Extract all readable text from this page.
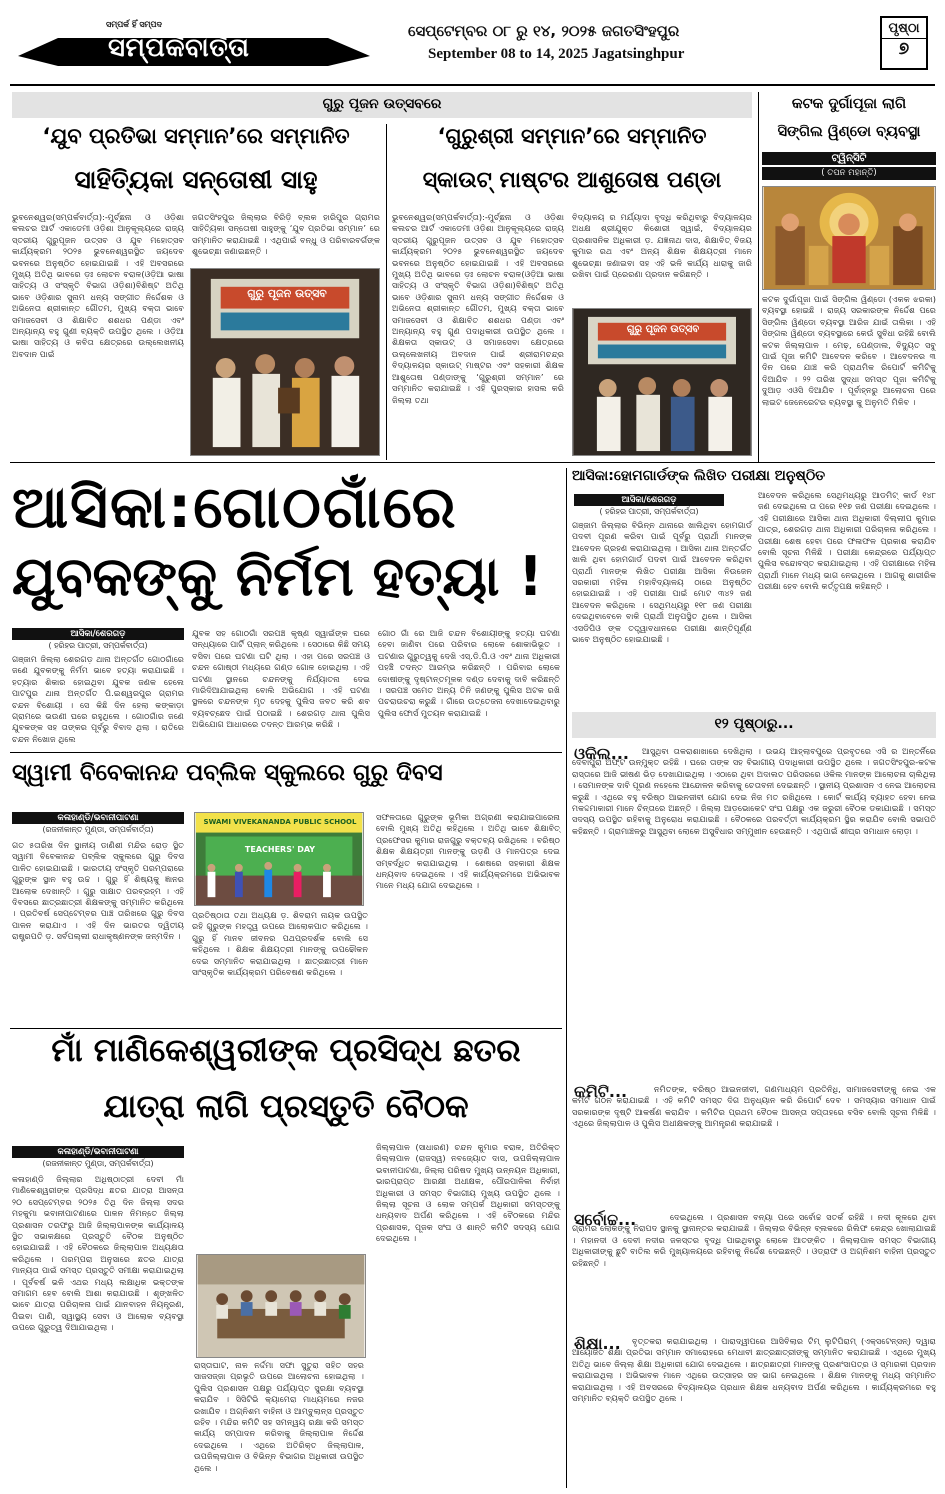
ସମ୍ପର୍କ ହିଁ ସମ୍ପଦ
ସମ୍ପର୍କବାର୍ତ୍ତା
ସେପ୍ଟେମ୍ବର ୦୮ ରୁ ୧୪, ୨୦୨୫ ଜଗତସିଂହପୁର
September 08 to 14, 2025 Jagatsinghpur
ପୃଷ୍ଠା
୭
ଗୁରୁ ପୂଜନ ଉତ୍ସବରେ
‘ଯୁବ ପ୍ରତିଭା ସମ୍ମାନ’ରେ ସମ୍ମାନିତ
ସାହିତ୍ୟିକା ସନ୍ତୋଷୀ ସାହୁ
ଭୁବନେଶ୍ୱର(ସମ୍ପର୍କବାର୍ତ୍ତା):-ମୁର୍ଚ୍ଛନା ଓ ଓଡ଼ିଶା କଲଚର ଆର୍ଟ ଏକାଡେମୀ ଓଡ଼ିଶା ଆନୁକୂଲ୍ୟରେ ରାଜ୍ୟ ସ୍ତରୀୟ ଗୁରୁପୂଜନ ଉତ୍ସବ ଓ ଯୁବ ମହୋତ୍ସବ କାର୍ଯ୍ୟକ୍ରମ ୨୦୨୫ ଭୁବନେଶ୍ୱରସ୍ଥିତ ଜୟଦେବ ଭବନରେ ଅନୁଷ୍ଠିତ ହୋଇଯାଇଛି । ଏହି ଅବସରରେ ମୁଖ୍ୟ ଅତିଥି ଭାବରେ ଡ଼ଃ ଲୋଚନ ବରାଳ(ଓଡ଼ିଆ ଭାଷା ସାହିତ୍ୟ ଓ ସଂସ୍କୃତି ବିଭାଗ ଓଡ଼ିଶା)ବିଶିଷ୍ଟ ଅତିଥି ଭାବେ ଓଡ଼ିଶାର ସୁନାମ ଧନ୍ୟ ସଙ୍ଗୀତ ନିର୍ଦ୍ଦେଶକ ଓ ଅଭିନେତା ଶ୍ରୀକାନ୍ତ ଗୌତମ, ମୁଖ୍ୟ ବକ୍ତା ଭାବେ ସମାଜସେବୀ ଓ ଶିକ୍ଷାବିତ ଶଶଧର ପଣ୍ଡା ଏବଂ ଅନ୍ୟାନ୍ୟ ବହୁ ଗୁଣୀ ବ୍ୟକ୍ତି ଉପସ୍ଥିତ ଥିଲେ । ଓଡ଼ିଆ ଭାଷା ସାହିତ୍ୟ ଓ କବିତା କ୍ଷେତ୍ରରେ ଉଲ୍ଲେଖନୀୟ ଅବଦାନ ପାଇଁ
ଜଗତସିଂହପୁର ଜିଲ୍ଲାର ବିରିଡ଼ି ବ୍ଲକ ହାରିପୁର ଗ୍ରାମର ସାହିତ୍ୟିକା ସନ୍ତୋଷୀ ସାହୁଙ୍କୁ ‘ଯୁବ ପ୍ରତିଭା ସମ୍ମାନ’ ରେ ସମ୍ମାନିତ କରାଯାଇଛି । ଏଥିପାଇଁ ବନ୍ଧୁ ଓ ପରିବାରବର୍ଗଙ୍କ ଶୁଭେଚ୍ଛା ଜଣାଇଛନ୍ତି ।
ଗୁରୁ ପୂଜନ ଉତ୍ସବ
‘ଗୁରୁଶ୍ରୀ ସମ୍ମାନ’ରେ ସମ୍ମାନିତ
ସ୍କାଉଟ୍ ମାଷ୍ଟର ଆଶୁତୋଷ ପଣ୍ଡା
ଭୁବନେଶ୍ୱର(ସମ୍ପର୍କବାର୍ତ୍ତା):-ମୁର୍ଚ୍ଛନା ଓ ଓଡ଼ିଶା କଲଚର ଆର୍ଟ ଏକାଡେମୀ ଓଡ଼ିଶା ଆନୁକୂଲ୍ୟରେ ରାଜ୍ୟ ସ୍ତରୀୟ ଗୁରୁପୂଜନ ଉତ୍ସବ ଓ ଯୁବ ମହୋତ୍ସବ କାର୍ଯ୍ୟକ୍ରମ ୨୦୨୫ ଭୁବନେଶ୍ୱରସ୍ଥିତ ଜୟଦେବ ଭବନରେ ଅନୁଷ୍ଠିତ ହୋଇଯାଇଛି । ଏହି ଅବସରରେ ମୁଖ୍ୟ ଅତିଥି ଭାବରେ ଡ଼ଃ ଲୋଚନ ବରାଳ(ଓଡ଼ିଆ ଭାଷା ସାହିତ୍ୟ ଓ ସଂସ୍କୃତି ବିଭାଗ ଓଡ଼ିଶା)ବିଶିଷ୍ଟ ଅତିଥି ଭାବେ ଓଡ଼ିଶାର ସୁନାମ ଧନ୍ୟ ସଙ୍ଗୀତ ନିର୍ଦ୍ଦେଶକ ଓ ଅଭିନେତା ଶ୍ରୀକାନ୍ତ ଗୌତମ, ମୁଖ୍ୟ ବକ୍ତା ଭାବେ ସମାଜସେବୀ ଓ ଶିକ୍ଷାବିତ ଶଶଧର ପଣ୍ଡା ଏବଂ ଅନ୍ୟାନ୍ୟ ବହୁ ଗୁଣ ପଦାଧିକାରୀ ଉପସ୍ଥିତ ଥିଲେ । ଶିକ୍ଷକତା ସ୍କାଉଟ୍ ଓ ସମାଜସେବା କ୍ଷେତ୍ରରେ ଉଲ୍ଲେଖନୀୟ ଅବଦାନ ପାଇଁ ଶ୍ରୀରାମଚନ୍ଦ୍ର ବିଦ୍ୟାଳୟର ସ୍କାଉଟ୍ ମାଷ୍ଟର ଏବଂ ସହକାରୀ ଶିକ୍ଷକ ଆଶୁତୋଷ ପଣ୍ଡାଙ୍କୁ ‘ଗୁରୁଶ୍ରୀ ସମ୍ମାନ’ ରେ ସମ୍ମାନିତ କରାଯାଇଛି । ଏହି ପୁରସ୍କାର ହାସଲ କରି ଜିଲ୍ଲା ତଥା
ବିଦ୍ୟାଳୟ ର ମର୍ଯ୍ୟାଦା ବୃଦ୍ଧି କରିଥିବାରୁ ବିଦ୍ୟାଳୟର ଅଧକ୍ଷ ଶ୍ରୀଯୁକ୍ତ କିଶୋରୀ ସ୍ୱାଇଁ, ବିଦ୍ୟାଳୟର ପ୍ରଶାସନିକ ଅଧିକାରୀ ଡ଼. ଯଜ୍ଞନାଥ ଦାସ, ଶିକ୍ଷାବିତ୍ ବିଜୟ କୁମାର ରଥ ଏବଂ ଅନ୍ୟ ଶିକ୍ଷକ ଶିକ୍ଷୟତ୍ରୀ ମାନେ ଶୁଭେଚ୍ଛା ଜଣାଇବା ସହ ଏହି ଭଳି କାର୍ଯ୍ୟ ଧାରାକୁ ଜାରି ରଖିବା ପାଇଁ ପ୍ରେରଣା ପ୍ରଦାନ କରିଛନ୍ତି ।
ଗୁରୁ ପୂଜନ ଉତ୍ସବ
କଟକ ଦୁର୍ଗାପୂଜା ଲାଗି
ସିଙ୍ଗିଲ ୱିଣ୍ଡୋ ବ୍ୟବସ୍ଥା
ଟ୍ୱିନ୍‌ସିଟି
( ତପନ ମହାନ୍ତି)
କଟକ ଦୁର୍ଗାପୂଜା ପାଇଁ ସିଙ୍ଗିଲ ୱିଣ୍ଡୋ (ଏକକ ଝରକା) ବ୍ୟବସ୍ଥା ହୋଇଛି । ରାଜ୍ୟ ସରକାରଙ୍କ ନିର୍ଦ୍ଦେଶ ପରେ ସିଙ୍ଗିଲ ୱିଣ୍ଡୋ ବ୍ୟବସ୍ଥା ଆରିଜ ଯାଇଁ ତାଲିକା । ଏହି ସିଙ୍ଗଲ ୱିଣ୍ଡୋ ବ୍ୟବସ୍ଥାରେ କେଉଁ ସୁବିଧା ରହିଛି ବୋଲି କଟକ ଜିଲ୍ଲାପାଳ । ମେଢ଼, ପେଣ୍ଡାଲ, ବିଦ୍ୟୁତ ସବୁ ପାଇଁ ପୂଜା କମିଟି ଆବେଦନ କରିବେ । ଆବେଦନର ୩ ଦିନ ପରେ ଯାଞ୍ଚ କରି ପ୍ରାଥମିକ ରିପୋର୍ଟ କମିଟିକୁ ଦିଆଯିବ । ୨୨ ତାରିଖ ସୁଦ୍ଧା ସମସ୍ତ ପୂଜା କମିଟିକୁ ଦୁଆଡ଼ ଏଓସି ଦିଆଯିବ । ପୂର୍ବାହ୍ନରୁ ଆଲୋଚନା ପରେ ଲାଇଟ ଜେନେରେଟର ବ୍ୟବସ୍ଥା କୁ ଅନୁମତି ମିଳିବ ।
ଆସିକା:ଗୋଠଗାଁରେ
ଯୁବକଙ୍କୁ ନିର୍ମମ ହତ୍ୟା !
ଆସିକା/ଶେରଗଡ଼
( ହରିହର ପାତ୍ରୀ, ସମ୍ପର୍କବାର୍ତ୍ତା)
ଗଞ୍ଜାମ ଜିଲ୍ଲା ଶେରଗଡ଼ ଥାନା ଅନ୍ତର୍ଗତ ଗୋଠଗାଁରେ ଜଣେ ଯୁବକଙ୍କୁ ନିର୍ମମ ଭାବେ ହତ୍ୟା କରାଯାଇଛି । ହତ୍ୟାର ଶିକାର ହୋଇଥିବା ଯୁବକ ଜଣକ ହେଲେ ପାଟପୁର ଥାନା ଅନ୍ତର୍ଗତ ପି.ଇଶ୍ୱରପୁର ଗ୍ରାମର ଚନ୍ଦନ ବିଶୋୟୀ । ସେ କିଛି ଦିନ ହେଲା କଙ୍କାଡ଼ା ଗ୍ରାମରେ ଭଉଣୀ ଘରେ ରହୁଥିଲେ । ଗୋଠଗାଁର ଜଣେ ଯୁବକଙ୍କ ସହ ତାଙ୍କର ପୂର୍ବରୁ ବିବାଦ ଥିଲା । ରାତିରେ ଚନ୍ଦନ ନିଖୋଜ ଥିଲେ
ଯୁବକ ସହ ଗୋଠଗାଁ ସରପଞ୍ଚ କୃଷ୍ଣ ସ୍ୱାଇଁଙ୍କ ଘରେ ସନ୍ଧ୍ୟାରେ ପାର୍ଟି ପ୍ଲାନ୍ କରିଥିଲେ । ସେଠାରେ କିଛି ସମୟ ବସିବା ପରେ ଘଟଣା ଘଟି ଥିଲା । ଏହା ପରେ ସରପଞ୍ଚ ଓ ଚନ୍ଦନ ଗୋଷ୍ଠୀ ମଧ୍ୟରେ ଗଣ୍ଡ ଗୋଳ ହୋଇଥିଲା । ଏହି ଘଟଣା ସ୍ଥାନରେ ଚନ୍ଦନଙ୍କୁ ନିର୍ଯ୍ୟାତନା ଦେଇ ମାରିଦିଆଯାଇଥିଲା ବୋଲି ଅଭିଯୋଗ । ଏହି ଘଟଣା ସ୍ଥଳରେ ଚନ୍ଦନଙ୍କ ମୃତ ଦେହକୁ ପୁଲିସ ଜବତ କରି ଶବ ବ୍ୟବଚ୍ଛେଦ ପାଇଁ ପଠାଇଛି । ଶେରଗଡ଼ ଥାନା ପୁଲିସ ଅଭିଯୋଗ ଆଧାରରେ ତଦନ୍ତ ଆରମ୍ଭ କରିଛି ।
ଗୋଠ ଗାଁ ରେ ଆଜି ଚନ୍ଦନ ବିଶୋୟୀଙ୍କୁ ହତ୍ୟା ଘଟଣା ହେବା ଜାଣିବା ପରେ ପରିବାର ଲୋକେ ଶୋକାଭିଭୂତ । ଘଟଣାର ଗୁରୁତ୍ୱକୁ ଦେଖି ଏସ୍.ଡି.ପି.ଓ ଏବଂ ଥାନା ଅଧିକାରୀ ପହଞ୍ଚି ତଦନ୍ତ ଆରମ୍ଭ କରିଛନ୍ତି । ପରିବାର ଲୋକେ ଦୋଷୀଙ୍କୁ ଦୃଷ୍ଟାନ୍ତମୂଳକ ଦଣ୍ଡ ଦେବାକୁ ଦାବି କରିଛନ୍ତି । ସରପଞ୍ଚ ସମେତ ଅନ୍ୟ ତିନି ଜଣଙ୍କୁ ପୁଲିସ ଅଟକ ରଖି ପଚରାଉଚରା କରୁଛି । ଗାଁରେ ଉତ୍ତେଜନା ଦେଖାଦେଇଥିବାରୁ ପୁଲିସ ଫୋର୍ସ ମୁତୟନ କରାଯାଇଛି ।
ଆସିକା:ହୋମଗାର୍ଡଙ୍କ ଲିଖିତ ପରୀକ୍ଷା ଅନୁଷ୍ଠିତ
ଆସିକା/ଶେରଗଡ଼
( ହରିହର ପାତ୍ରୀ, ସମ୍ପର୍କବାର୍ତ୍ତା)
ଗଞ୍ଜାମ ଜିଲ୍ଲାର ବିଭିନ୍ନ ଥାନାରେ ଖାଲିଥିବା ହୋମଗାର୍ଡ ପଦବୀ ପୂରଣ କରିବା ପାଇଁ ପୂର୍ବରୁ ପ୍ରାର୍ଥୀ ମାନଙ୍କ ଆବେଦନ ଗ୍ରହଣ କରାଯାଇଥିଲା । ଆସିକା ଥାନା ଅନ୍ତର୍ଗତ ଖାଲି ଥିବା ହୋମଗାର୍ଡ ପଦବୀ ପାଇଁ ଆବେଦନ କରିଥିବା ପ୍ରାର୍ଥୀ ମାନଙ୍କ ଲିଖିତ ପରୀକ୍ଷା ଆସିକା ନିଉଜେନ ସରକାରୀ ମହିଳା ମହାବିଦ୍ୟାଳୟ ଠାରେ ଅନୁଷ୍ଠିତ ହୋଇଯାଇଛି । ଏହି ପରୀକ୍ଷା ପାଇଁ ମୋଟ ୩୪୨ ଜଣ ଆବେଦନ କରିଥିଲେ । ସେଥିମଧ୍ୟରୁ ୧୧୮ ଜଣ ପରୀକ୍ଷା ଦେଇଥିବାବେଳେ ବାକି ପ୍ରାର୍ଥୀ ଅନୁପସ୍ଥିତ ଥିଲେ । ଆସିକା ଏସଡିପିଓ ଙ୍କ ତତ୍ତ୍ୱାବଧାନରେ ପରୀକ୍ଷା ଶାନ୍ତିପୂର୍ଣ୍ଣ ଭାବେ ଅନୁଷ୍ଠିତ ହୋଇଯାଇଛି ।
ଆବେଦନ କରିଥିଲେ ସେଥିମଧ୍ୟରୁ ଆଡମିଟ୍ କାର୍ଡ ୧୪୮ ଜଣ ଦେଇଥିଲେ ତା ପରେ ୧୧୭ ଜଣ ପରୀକ୍ଷା ଦେଇଥିଲେ । ଏହି ପରୀକ୍ଷାରେ ଆସିକା ଥାନା ଅଧିକାରୀ ଦିଲ୍ଲୀପ କୁମାର ପାତ୍ର, ଶେରଗଡ଼ ଥାନା ଅଧିକାରୀ ପରିଚାଳନା କରିଥିଲେ । ପରୀକ୍ଷା ଶେଷ ହେବା ପରେ ଫଳାଫଳ ପ୍ରକାଶ କରାଯିବ ବୋଲି ସୂଚନା ମିଳିଛି । ପରୀକ୍ଷା କେନ୍ଦ୍ରରେ ପର୍ଯ୍ୟାପ୍ତ ପୁଲିସ ବନ୍ଦୋବସ୍ତ କରାଯାଇଥିଲା । ଏହି ପରୀକ୍ଷାରେ ମହିଳା ପ୍ରାର୍ଥୀ ମାନେ ମଧ୍ୟ ଭାଗ ନେଇଥିଲେ । ଆଗକୁ ଶାରୀରିକ ପରୀକ୍ଷା ହେବ ବୋଲି କର୍ତ୍ତୃପକ୍ଷ କହିଛନ୍ତି ।
୧୨ ପୃଷ୍ଠାରୁ...
ଓକିଲ...	ଆସୁଥିବା ତାକରାଶାଖାରେ ଦେଖିଥିଲା । ଉଭୟ ଆହ୍ଲାବପୁରେ ପ୍ରବୃତରେ ଏସି ର ଅନ୍ତର୍ନିରେ ଦେବାପୁରା ଅଫ୍ଟ ଉନ୍ମୁକ୍ତ ରହିଛି । ଘରେ ତାଙ୍କ ସହ ବିଭାଗୀୟ ପଦାଧିକାରୀ ଉପସ୍ଥିତ ଥିଲେ । ଜଗତସିଂହପୁର-କଟକ ରାସ୍ତାରେ ଆଜି ଭୀଷଣ ଭିଡ଼ ଦେଖାଯାଇଥିଲା । ଏଠାରେ ଥିବା ଅଦାଲତ ପରିସରରେ ଓକିଲ ମାନଙ୍କ ଆଲୋଚନା ଚାଲିଥିଲା । ସେମାନଙ୍କ ଦାବି ପୂରଣ ନହେଲେ ଆନ୍ଦୋଳନ କରିବାକୁ ଚେତାବନୀ ଦେଇଛନ୍ତି । ସ୍ଥାନୀୟ ପ୍ରଶାସନ ଏ ନେଇ ଆଲୋଚନା କରୁଛି । ଏଥିରେ ବହୁ ବରିଷ୍ଠ ଆଇନଜୀବୀ ଯୋଗ ଦେଇ ନିଜ ମତ ରଖିଥିଲେ । କୋର୍ଟ କାର୍ଯ୍ୟ ବ୍ୟାହତ ହେବା ନେଇ ମକଦ୍ଦମାକାରୀ ମାନେ ଚିନ୍ତାରେ ଅଛନ୍ତି । ଜିଲ୍ଲା ଆଡ଼ଭୋକେଟ ସଂଘ ପକ୍ଷରୁ ଏକ ଜରୁରୀ ବୈଠକ ଡକାଯାଇଛି । ସମସ୍ତ ସଦସ୍ୟ ଉପସ୍ଥିତ ରହିବାକୁ ଅନୁରୋଧ କରାଯାଇଛି । ବୈଠକରେ ପରବର୍ତ୍ତୀ କାର୍ଯ୍ୟକ୍ରମ ସ୍ଥିର କରାଯିବ ବୋଲି ସଭାପତି କହିଛନ୍ତି । ଗ୍ରାମାଞ୍ଚଳରୁ ଆସୁଥିବା ଲୋକେ ଅସୁବିଧାର ସମ୍ମୁଖୀନ ହେଉଛନ୍ତି । ଏଥିପାଇଁ ଶୀଘ୍ର ସମାଧାନ ଲୋଡ଼ା ।
କମିଟି...	ନମିତଙ୍କ, ବରିଷ୍ଠ ଆଇନଜୀବୀ, ଗଣମାଧ୍ୟମ ପ୍ରତିନିଧି, ସାମାଜସେବୀଙ୍କୁ ନେଇ ଏକ କମିଟି ଗଠନ କରାଯାଇଛି । ଏହି କମିଟି ସମସ୍ତ ଦିଗ ଅନୁଧ୍ୟାନ କରି ରିପୋର୍ଟ ଦେବ । ସମସ୍ୟାର ସମାଧାନ ପାଇଁ ସରକାରଙ୍କ ଦୃଷ୍ଟି ଆକର୍ଷଣ କରାଯିବ । କମିଟିର ପ୍ରଥମ ବୈଠକ ଆସନ୍ତା ସପ୍ତାହରେ ବସିବ ବୋଲି ସୂଚନା ମିଳିଛି । ଏଥିରେ ଜିଲ୍ଲାପାଳ ଓ ପୁଲିସ ଅଧୀକ୍ଷକଙ୍କୁ ଆମନ୍ତ୍ରଣ କରାଯାଇଛି ।
ସର୍ବୋଚ୍ଚ...	ଦେଇଥିଲେ । ପ୍ରଶାସନ ବନ୍ୟା ପରେ ସର୍ବୋଚ୍ଚ ସତର୍କ ରହିଛି । ନଦୀ କୂଳରେ ଥିବା ଗ୍ରାମର ଲୋକଙ୍କୁ ନିରାପଦ ସ୍ଥାନକୁ ସ୍ଥାନାନ୍ତର କରାଯାଇଛି । ଜିଲ୍ଲାର ବିଭିନ୍ନ ବ୍ଲକରେ ରିଲିଫ କେନ୍ଦ୍ର ଖୋଲାଯାଇଛି । ମହାନଦୀ ଓ ଦେବୀ ନଦୀର ଜଳସ୍ତର ବୃଦ୍ଧି ପାଇଥିବାରୁ ଲୋକେ ଆତଙ୍କିତ । ଜିଲ୍ଲାପାଳ ସମସ୍ତ ବିଭାଗୀୟ ଅଧିକାରୀଙ୍କୁ ଛୁଟି ବାତିଲ କରି ମୁଖ୍ୟାଳୟରେ ରହିବାକୁ ନିର୍ଦ୍ଦେଶ ଦେଇଛନ୍ତି । ଓଡ୍ରାଫ ଓ ଅଗ୍ନିଶମ ବାହିନୀ ପ୍ରସ୍ତୁତ ରହିଛନ୍ତି ।
ଶିକ୍ଷା...	ବୃତ୍ତକରା କରାଯାଇଥିଲା । ପାରାଦ୍ୱୀପରେ ଆସିବିଲାର ଟିମ୍ ଲୁଟିପିରାମ୍ (ଏକ୍ସଟେନ୍ସନ୍) ଦ୍ୱାରା ଆୟୋଜିତ ଶିକ୍ଷା ପ୍ରତିଭା ସମ୍ମାନ ସମାରୋହରେ ମେଧାବୀ ଛାତ୍ରଛାତ୍ରୀଙ୍କୁ ସମ୍ମାନିତ କରାଯାଇଛି । ଏଥିରେ ମୁଖ୍ୟ ଅତିଥି ଭାବେ ଜିଲ୍ଲା ଶିକ୍ଷା ଅଧିକାରୀ ଯୋଗ ଦେଇଥିଲେ । ଛାତ୍ରଛାତ୍ରୀ ମାନଙ୍କୁ ପ୍ରଶଂସାପତ୍ର ଓ ସ୍ମାରକୀ ପ୍ରଦାନ କରାଯାଇଥିଲା । ଅଭିଭାବକ ମାନେ ଏଥିରେ ଉତ୍ସାହର ସହ ଭାଗ ନେଇଥିଲେ । ଶିକ୍ଷକ ମାନଙ୍କୁ ମଧ୍ୟ ସମ୍ମାନିତ କରାଯାଇଥିଲା । ଏହି ଅବସରରେ ବିଦ୍ୟାଳୟର ପ୍ରଧାନ ଶିକ୍ଷକ ଧନ୍ୟବାଦ ଅର୍ପଣ କରିଥିଲେ । କାର୍ଯ୍ୟକ୍ରମରେ ବହୁ ସମ୍ମାନିତ ବ୍ୟକ୍ତି ଉପସ୍ଥିତ ଥିଲେ ।
ସ୍ୱାମୀ ବିବେକାନନ୍ଦ ପବ୍ଲିକ ସ୍କୁଲରେ ଗୁରୁ ଦିବସ
କଳାହାଣ୍ଡି/ଭବାନୀପାଟଣା
(ରଜନୀକାନ୍ତ ମୁଣ୍ଡା, ସମ୍ପର୍କବାର୍ତ୍ତା)
ଗତ ୫ତାରିଖ ଦିନ ସ୍ଥାନୀୟ ଡାଣିଶୀ ମନ୍ଦିର ରୋଡ଼ ସ୍ଥିତ ସ୍ୱାମୀ ବିବେକାନନ୍ଦ ପବ୍ଲିକ ସ୍କୁଲରେ ଗୁରୁ ଦିବସ ପାଳିତ ହୋଇଯାଇଛି । ଭାରତୀୟ ସଂସ୍କୃତି ପରମ୍ପରାରେ ଗୁରୁଙ୍କ ସ୍ଥାନ ବହୁ ଉଚ୍ଚ । ଗୁରୁ ହିଁ ଶିଷ୍ୟକୁ ଜ୍ଞାନର ଆଲୋକ ଦେଖାନ୍ତି । ଗୁରୁ ସାକ୍ଷାତ ପରବ୍ରହ୍ମ । ଏହି ଦିବସରେ ଛାତ୍ରଛାତ୍ରୀ ଶିକ୍ଷକଙ୍କୁ ସମ୍ମାନିତ କରିଥିଲେ । ପ୍ରତିବର୍ଷ ସେପ୍ଟେମ୍ବର ପାଞ୍ଚ ତାରିଖରେ ଗୁରୁ ଦିବସ ପାଳନ କରାଯାଏ । ଏହି ଦିନ ଭାରତର ଦ୍ୱିତୀୟ ରାଷ୍ଟ୍ରପତି ଡ଼. ସର୍ବପଲ୍ଲୀ ରାଧାକୃଷ୍ଣନଙ୍କ ଜନ୍ମଦିନ ।
SWAMI VIVEKANANDA PUBLIC SCHOOL
TEACHERS' DAY
ପ୍ରତିଷ୍ଠାତା ତଥା ଅଧ୍ୟକ୍ଷ ଡ଼. ଶିବରାମ ନାୟକ ଉପସ୍ଥିତ ରହି ଗୁରୁଙ୍କ ମହତ୍ତ୍ୱ ଉପରେ ଆଲୋକପାତ କରିଥିଲେ । ଗୁରୁ ହିଁ ମାନବ ଜୀବନର ପଥପ୍ରଦର୍ଶକ ବୋଲି ସେ କହିଥିଲେ । ଶିକ୍ଷକ ଶିକ୍ଷୟତ୍ରୀ ମାନଙ୍କୁ ଉପଢୌକନ ଦେଇ ସମ୍ମାନିତ କରାଯାଇଥିଲା । ଛାତ୍ରଛାତ୍ରୀ ମାନେ ସାଂସ୍କୃତିକ କାର୍ଯ୍ୟକ୍ରମ ପରିବେଷଣ କରିଥିଲେ ।
ସଫଳତାରେ ଗୁରୁଙ୍କ ଭୂମିକା ଅଗ୍ରଣୀ କରାଯାଇପାରେନା ବୋଲି ମୁଖ୍ୟ ଅତିଥି କହିଥିଲେ । ଅତିଥି ଭାବେ ଶିକ୍ଷାବିତ୍ ପ୍ରଫେସର କୁମାର ରାଜଗୁରୁ ବକ୍ତବ୍ୟ ରଖିଥିଲେ । ବରିଷ୍ଠ ଶିକ୍ଷକ ଶିକ୍ଷୟତ୍ରୀ ମାନଙ୍କୁ ଉଡ଼ଣି ଓ ମାନପତ୍ର ଦେଇ ସମ୍ବର୍ଦ୍ଧିତ କରାଯାଇଥିଲା । ଶେଷରେ ସହକାରୀ ଶିକ୍ଷକ ଧନ୍ୟବାଦ ଦେଇଥିଲେ । ଏହି କାର୍ଯ୍ୟକ୍ରମରେ ଅଭିଭାବକ ମାନେ ମଧ୍ୟ ଯୋଗ ଦେଇଥିଲେ ।
ମାଁ ମାଣିକେଶ୍ୱରୀଙ୍କ ପ୍ରସିଦ୍ଧ ଛତର
ଯାତ୍ରା ଲାଗି ପ୍ରସ୍ତୁତି ବୈଠକ
କଳାହାଣ୍ଡି/ଭବାନୀପାଟଣା
(ରଜନୀକାନ୍ତ ମୁଣ୍ଡା, ସମ୍ପର୍କବାର୍ତ୍ତା)
କଳାହାଣ୍ଡି ଜିଲ୍ଲାର ଅଧିଷ୍ଠାତ୍ରୀ ଦେବୀ ମାଁ ମାଣିକେଶ୍ୱରୀଙ୍କ ପ୍ରସିଦ୍ଧ ଛତର ଯାତ୍ରା ଆସନ୍ତା ୨୦ ସେପ୍ଟେମ୍ବର ୨୦୨୫ ତିଥି ଦିନ ଜିଲ୍ଲା ସଦର ମହକୁମା ଭବାନୀପାଟଣାରେ ପାଳନ ନିମନ୍ତେ ଜିଲ୍ଲା ପ୍ରଶାସନ ତରଫରୁ ଆଜି ଜିଲ୍ଲାପାଳଙ୍କ କାର୍ଯ୍ୟାଳୟ ସ୍ଥିତ ସଭାକକ୍ଷରେ ପ୍ରସ୍ତୁତି ବୈଠକ ଅନୁଷ୍ଠିତ ହୋଇଯାଇଛି । ଏହି ବୈଠକରେ ଜିଲ୍ଲାପାଳ ଅଧ୍ୟକ୍ଷତା କରିଥିଲେ । ପରମ୍ପରା ଅନୁସାରେ ଛତର ଯାତ୍ରା ମାନ୍ୟତା ପାଇଁ ସମସ୍ତ ପ୍ରସ୍ତୁତି ସମୀକ୍ଷା କରାଯାଇଥିଲା । ପୂର୍ବବର୍ଷ ଭଳି ଏଥର ମଧ୍ୟ ଲକ୍ଷାଧିକ ଭକ୍ତଙ୍କ ସମାଗମ ହେବ ବୋଲି ଆଶା କରାଯାଉଛି । ଶୃଙ୍ଖଳିତ ଭାବେ ଯାତ୍ରା ପରିଚାଳନା ପାଇଁ ଯାନବାହନ ନିୟନ୍ତ୍ରଣ, ପିଇବା ପାଣି, ସ୍ୱାସ୍ଥ୍ୟ ସେବା ଓ ଆଲୋକ ବ୍ୟବସ୍ଥା ଉପରେ ଗୁରୁତ୍ୱ ଦିଆଯାଇଥିଲା ।
ରାସ୍ତାଘାଟ, ନାଳ ନର୍ଦ୍ଦମା ସଫା ସୁତୁରା ସହିତ ସହର ସାଜସଜ୍ଜା ପ୍ରଭୃତି ଉପରେ ଆଲୋଚନା ହୋଇଥିଲା । ପୁଲିସ ପ୍ରଶାସନ ପକ୍ଷରୁ ପର୍ଯ୍ୟାପ୍ତ ସୁରକ୍ଷା ବ୍ୟବସ୍ଥା କରାଯିବ । ସିସିଟିଭି କ୍ୟାମେରା ମାଧ୍ୟମରେ ନଜର ରଖାଯିବ । ଅଗ୍ନିଶମ ବାହିନୀ ଓ ଆମ୍ବୁଲାନ୍ସ ପ୍ରସ୍ତୁତ ରହିବ । ମନ୍ଦିର କମିଟି ସହ ସମନ୍ୱୟ ରକ୍ଷା କରି ସମସ୍ତ କାର୍ଯ୍ୟ ସମ୍ପାଦନ କରିବାକୁ ଜିଲ୍ଲାପାଳ ନିର୍ଦ୍ଦେଶ ଦେଇଥିଲେ । ଏଥିରେ ଅତିରିକ୍ତ ଜିଲ୍ଲାପାଳ, ଉପଜିଲ୍ଲାପାଳ ଓ ବିଭିନ୍ନ ବିଭାଗର ଅଧିକାରୀ ଉପସ୍ଥିତ ଥିଲେ ।
ଜିଲ୍ଲାପାଳ (ସାଧାରଣ) ଚନ୍ଦନ କୁମାର ବରାଳ, ଅତିରିକ୍ତ ଜିଲ୍ଲାପାଳ (ରାଜସ୍ୱ) ନବଜ୍ୟୋତ ଦାସ, ଉପଜିଲ୍ଲାପାଳ ଭବାନୀପାଟଣା, ଜିଲ୍ଲା ପରିଷଦ ମୁଖ୍ୟ ଉନ୍ନୟନ ଅଧିକାରୀ, ଭାରପ୍ରାପ୍ତ ଆରକ୍ଷୀ ଅଧୀକ୍ଷକ, ପୌରପାଳିକା ନିର୍ବାହୀ ଅଧିକାରୀ ଓ ସମସ୍ତ ବିଭାଗୀୟ ମୁଖ୍ୟ ଉପସ୍ଥିତ ଥିଲେ । ଜିଲ୍ଲା ସୂଚନା ଓ ଲୋକ ସମ୍ପର୍କ ଅଧିକାରୀ ସମସ୍ତଙ୍କୁ ଧନ୍ୟବାଦ ଅର୍ପଣ କରିଥିଲେ । ଏହି ବୈଠକରେ ମନ୍ଦିର ପ୍ରଶାସକ, ପୂଜକ ସଂଘ ଓ ଶାନ୍ତି କମିଟି ସଦସ୍ୟ ଯୋଗ ଦେଇଥିଲେ ।
